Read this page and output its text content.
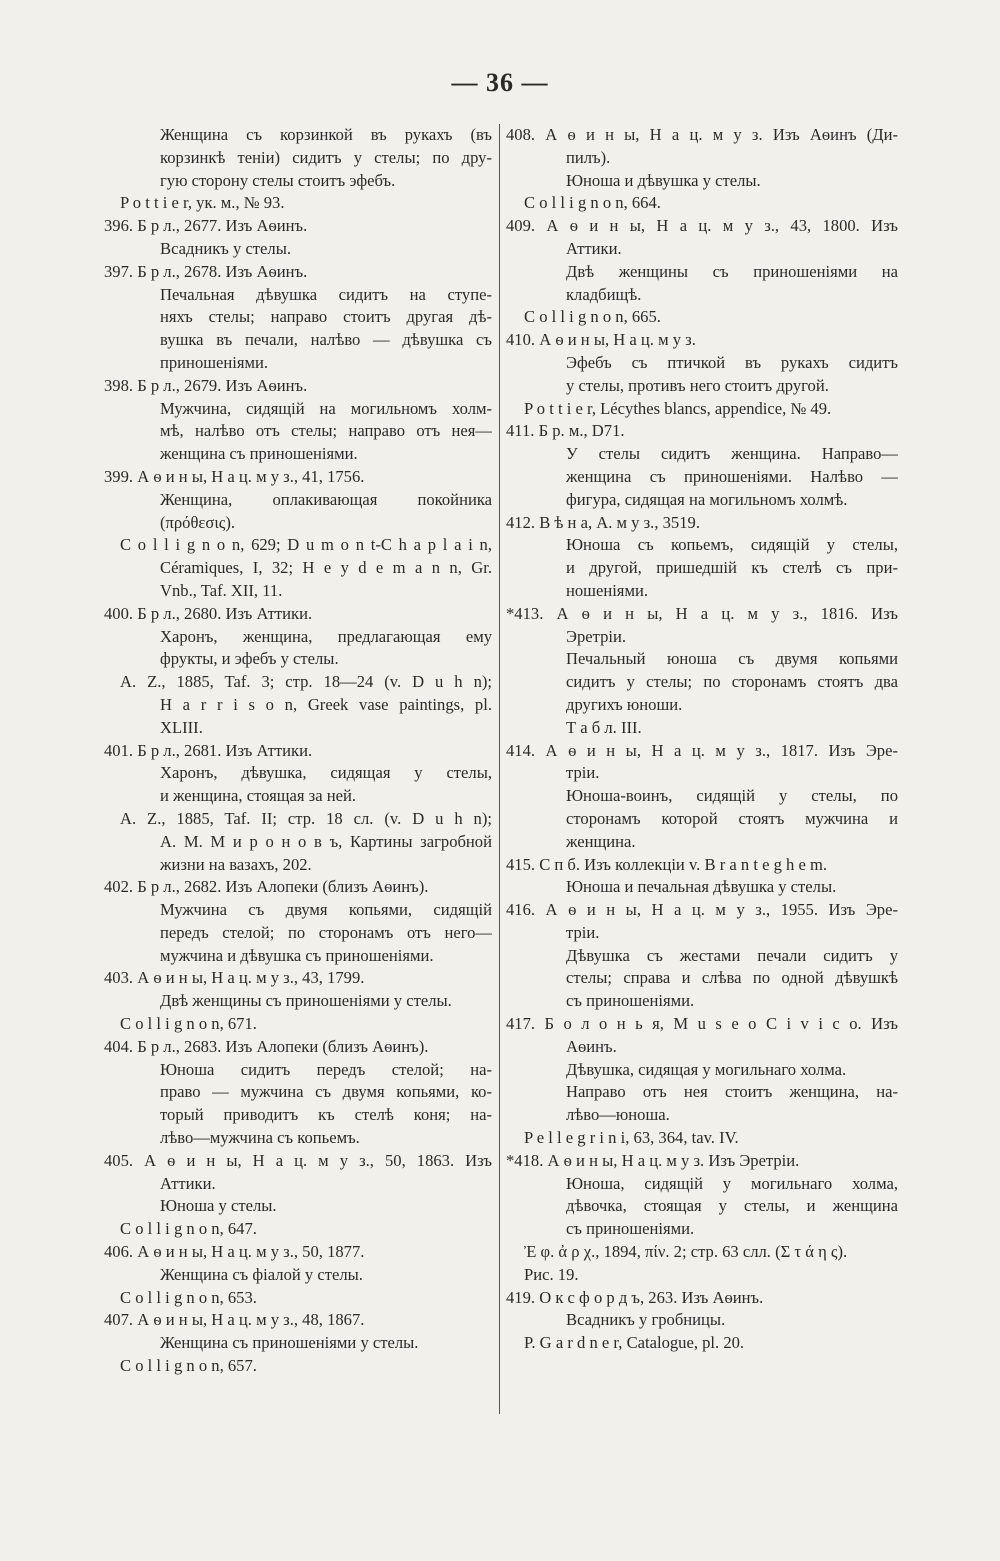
— 36 —
Женщина съ корзинкой въ рукахъ (въ
корзинкѣ теніи) сидитъ у стелы; по дру-
гую сторону стелы стоитъ эфебъ.
P o t t i e r, ук. м., № 93.
396. Б р л., 2677. Изъ Аѳинъ.
Всадникъ у стелы.
397. Б р л., 2678. Изъ Аѳинъ.
Печальная дѣвушка сидитъ на ступе-
няхъ стелы; направо стоитъ другая дѣ-
вушка въ печали, налѣво — дѣвушка съ
приношеніями.
398. Б р л., 2679. Изъ Аѳинъ.
Мужчина, сидящій на могильномъ холм-
мѣ, налѣво отъ стелы; направо отъ нея—
женщина съ приношеніями.
399. А ѳ и н ы, Н а ц. м у з., 41, 1756.
Женщина, оплакивающая покойника
(πρόθεσις).
C o l l i g n o n, 629; D u m o n t-C h a p l a i n,
Céramiques, I, 32; H e y d e m a n n, Gr.
Vnb., Taf. XII, 11.
400. Б р л., 2680. Изъ Аттики.
Харонъ, женщина, предлагающая ему
фрукты, и эфебъ у стелы.
A. Z., 1885, Taf. 3; стр. 18—24 (v. D u h n);
H a r r i s o n, Greek vase paintings, pl.
XLIII.
401. Б р л., 2681. Изъ Аттики.
Харонъ, дѣвушка, сидящая у стелы,
и женщина, стоящая за ней.
A. Z., 1885, Taf. II; стр. 18 сл. (v. D u h n);
А. М. М и р о н о в ъ, Картины загробной
жизни на вазахъ, 202.
402. Б р л., 2682. Изъ Алопеки (близъ Аѳинъ).
Мужчина съ двумя копьями, сидящій
передъ стелой; по сторонамъ отъ него—
мужчина и дѣвушка съ приношеніями.
403. А ѳ и н ы, Н а ц. м у з., 43, 1799.
Двѣ женщины съ приношеніями у стелы.
C o l l i g n o n, 671.
404. Б р л., 2683. Изъ Алопеки (близъ Аѳинъ).
Юноша сидитъ передъ стелой; на-
право — мужчина съ двумя копьями, ко-
торый приводитъ къ стелѣ коня; на-
лѣво—мужчина съ копьемъ.
405. А ѳ и н ы, Н а ц. м у з., 50, 1863. Изъ
Аттики.
Юноша у стелы.
C o l l i g n o n, 647.
406. А ѳ и н ы, Н а ц. м у з., 50, 1877.
Женщина съ фіалой у стелы.
C o l l i g n o n, 653.
407. А ѳ и н ы, Н а ц. м у з., 48, 1867.
Женщина съ приношеніями у стелы.
C o l l i g n o n, 657.
408. А ѳ и н ы, Н а ц. м у з. Изъ Аѳинъ (Ди-
пилъ).
Юноша и дѣвушка у стелы.
C o l l i g n o n, 664.
409. А ѳ и н ы, Н а ц. м у з., 43, 1800. Изъ
Аттики.
Двѣ женщины съ приношеніями на
кладбищѣ.
C o l l i g n o n, 665.
410. А ѳ и н ы, Н а ц. м у з.
Эфебъ съ птичкой въ рукахъ сидитъ
у стелы, противъ него стоитъ другой.
P o t t i e r, Lécythes blancs, appendice, № 49.
411. Б р. м., D71.
У стелы сидитъ женщина. Направо—
женщина съ приношеніями. Налѣво —
фигура, сидящая на могильномъ холмѣ.
412. В ѣ н а, А. м у з., 3519.
Юноша съ копьемъ, сидящій у стелы,
и другой, пришедшій къ стелѣ съ при-
ношеніями.
*413. А ѳ и н ы, Н а ц. м у з., 1816. Изъ
Эретріи.
Печальный юноша съ двумя копьями
сидитъ у стелы; по сторонамъ стоятъ два
другихъ юноши.
Т а б л. III.
414. А ѳ и н ы, Н а ц. м у з., 1817. Изъ Эре-
тріи.
Юноша-воинъ, сидящій у стелы, по
сторонамъ которой стоятъ мужчина и
женщина.
415. С п б. Изъ коллекціи v. B r a n t e g h e m.
Юноша и печальная дѣвушка у стелы.
416. А ѳ и н ы, Н а ц. м у з., 1955. Изъ Эре-
тріи.
Дѣвушка съ жестами печали сидитъ у
стелы; справа и слѣва по одной дѣвушкѣ
съ приношеніями.
417. Б о л о н ь я, M u s e o C i v i c o. Изъ
Аѳинъ.
Дѣвушка, сидящая у могильнаго холма.
Направо отъ нея стоитъ женщина, на-
лѣво—юноша.
P e l l e g r i n i, 63, 364, tav. IV.
*418. А ѳ и н ы, Н а ц. м у з. Изъ Эретріи.
Юноша, сидящій у могильнаго холма,
дѣвочка, стоящая у стелы, и женщина
съ приношеніями.
Ἐ φ. ἀ ρ χ., 1894, πίν. 2; стр. 63 слл. (Σ τ ά η ς).
Рис. 19.
419. О к с ф о р д ъ, 263. Изъ Аѳинъ.
Всадникъ у гробницы.
P. G a r d n e r, Catalogue, pl. 20.
